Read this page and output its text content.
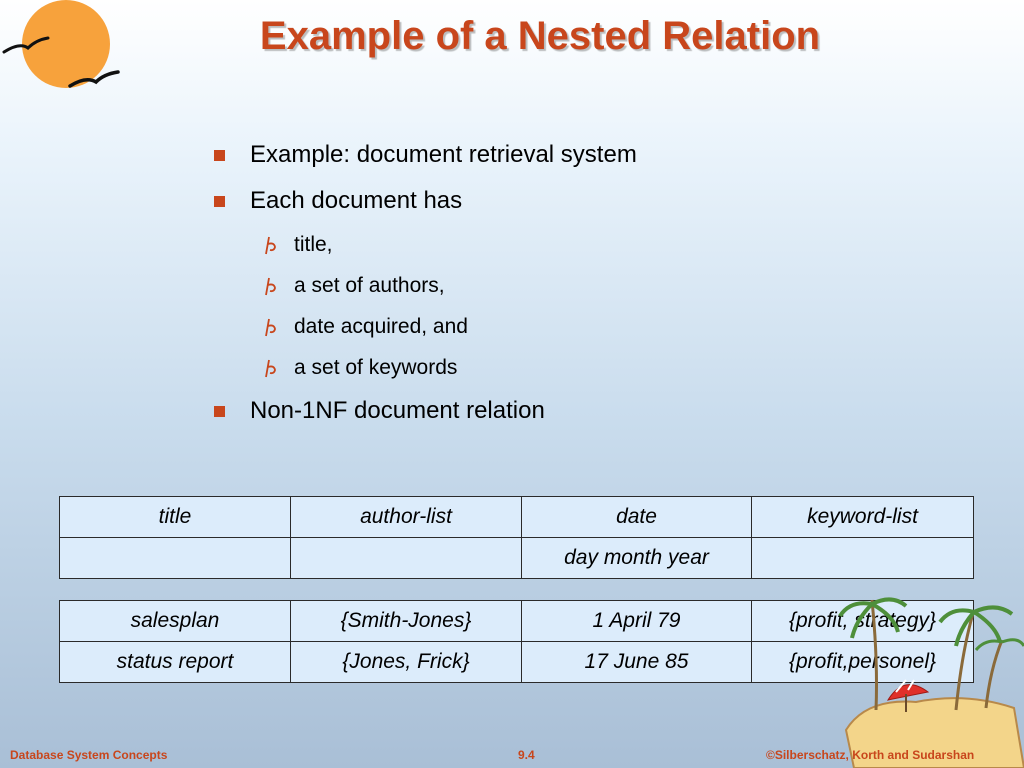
Example of a Nested Relation
Example: document retrieval system
Each document has
title,
a set of authors,
date acquired, and
a set of keywords
Non-1NF document relation
title	author-list	date	keyword-list
		day month year	
salesplan	{Smith-Jones}	1 April 79	{profit, strategy}
status report	{Jones, Frick}	17 June 85	{profit,personel}
Database System Concepts	9.4	©Silberschatz, Korth and Sudarshan
